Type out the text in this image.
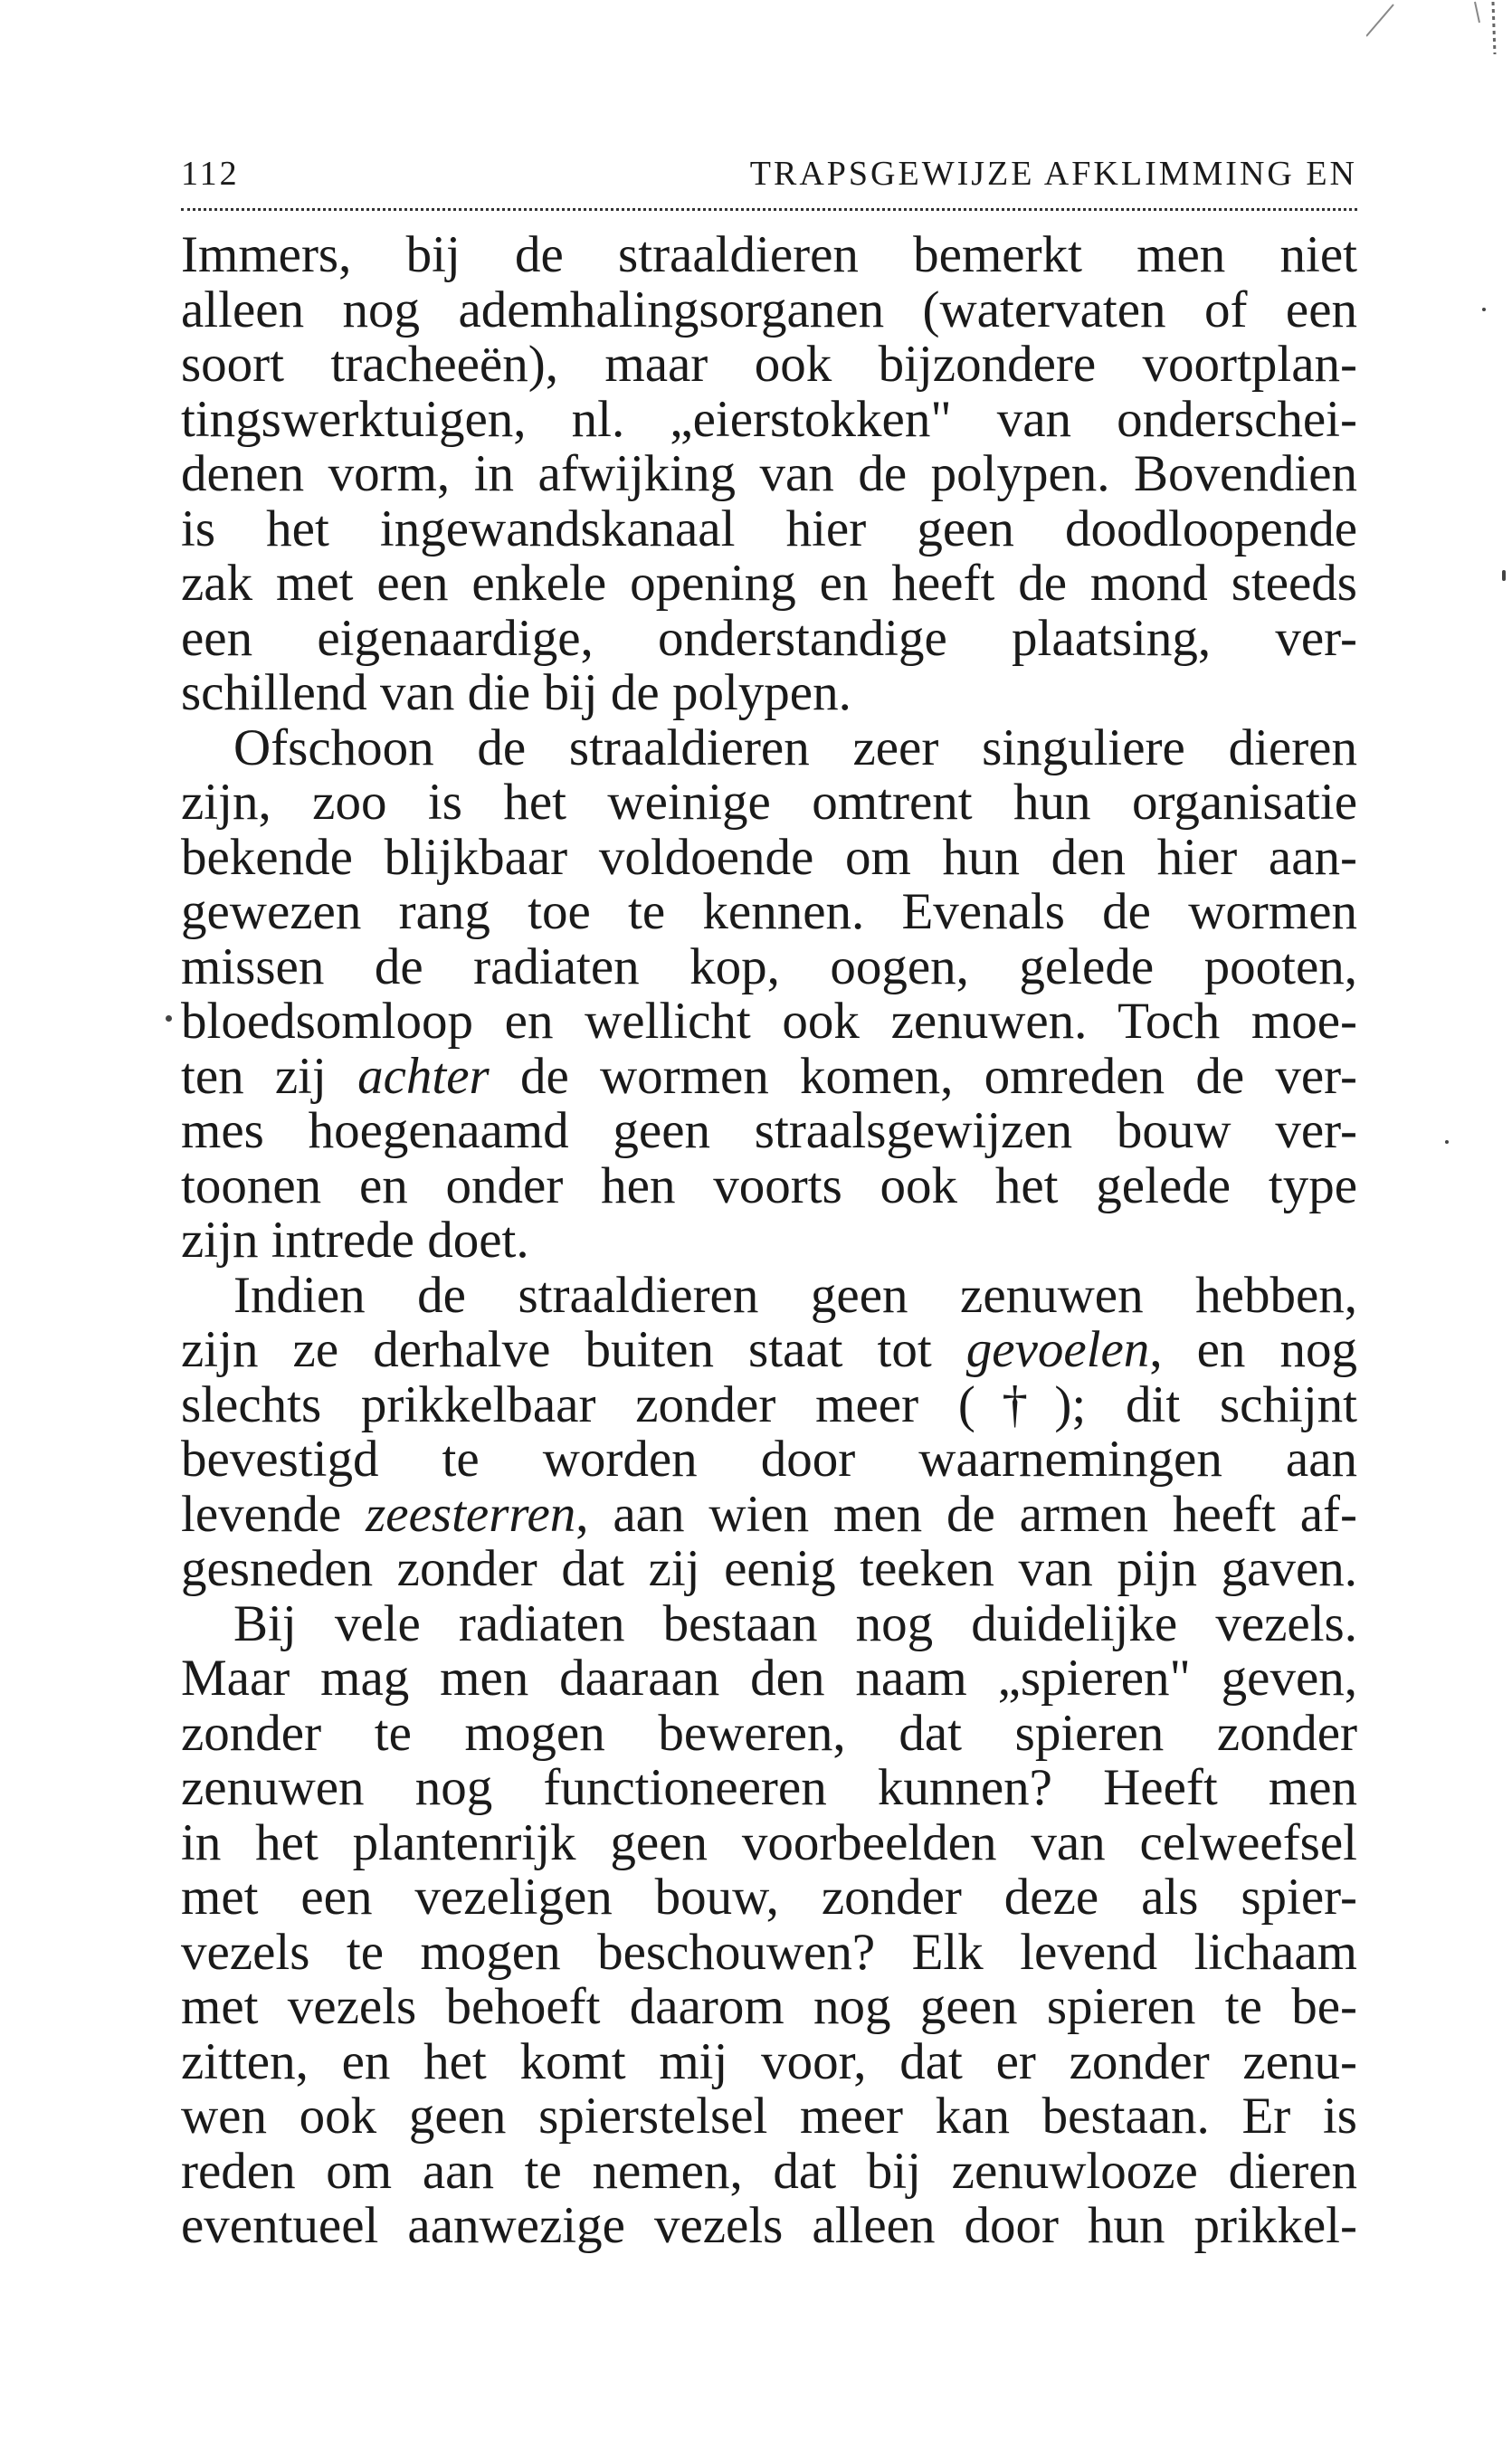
112	TRAPSGEWIJZE AFKLIMMING EN
Immers, bij de straaldieren bemerkt men niet
alleen nog ademhalingsorganen (watervaten of een
soort tracheeën), maar ook bijzondere voortplan-
tingswerktuigen, nl. „eierstokken" van onderschei-
denen vorm, in afwijking van de polypen. Bovendien
is het ingewandskanaal hier geen doodloopende
zak met een enkele opening en heeft de mond steeds
een eigenaardige, onderstandige plaatsing, ver-
schillend van die bij de polypen.
Ofschoon de straaldieren zeer singuliere dieren
zijn, zoo is het weinige omtrent hun organisatie
bekende blijkbaar voldoende om hun den hier aan-
gewezen rang toe te kennen. Evenals de wormen
missen de radiaten kop, oogen, gelede pooten,
bloedsomloop en wellicht ook zenuwen. Toch moe-
ten zij achter de wormen komen, omreden de ver-
mes hoegenaamd geen straalsgewijzen bouw ver-
toonen en onder hen voorts ook het gelede type
zijn intrede doet.
Indien de straaldieren geen zenuwen hebben,
zijn ze derhalve buiten staat tot gevoelen, en nog
slechts prikkelbaar zonder meer (†); dit schijnt
bevestigd te worden door waarnemingen aan
levende zeesterren, aan wien men de armen heeft af-
gesneden zonder dat zij eenig teeken van pijn gaven.
Bij vele radiaten bestaan nog duidelijke vezels.
Maar mag men daaraan den naam „spieren" geven,
zonder te mogen beweren, dat spieren zonder
zenuwen nog functioneeren kunnen? Heeft men
in het plantenrijk geen voorbeelden van celweefsel
met een vezeligen bouw, zonder deze als spier-
vezels te mogen beschouwen? Elk levend lichaam
met vezels behoeft daarom nog geen spieren te be-
zitten, en het komt mij voor, dat er zonder zenu-
wen ook geen spierstelsel meer kan bestaan. Er is
reden om aan te nemen, dat bij zenuwlooze dieren
eventueel aanwezige vezels alleen door hun prikkel-
